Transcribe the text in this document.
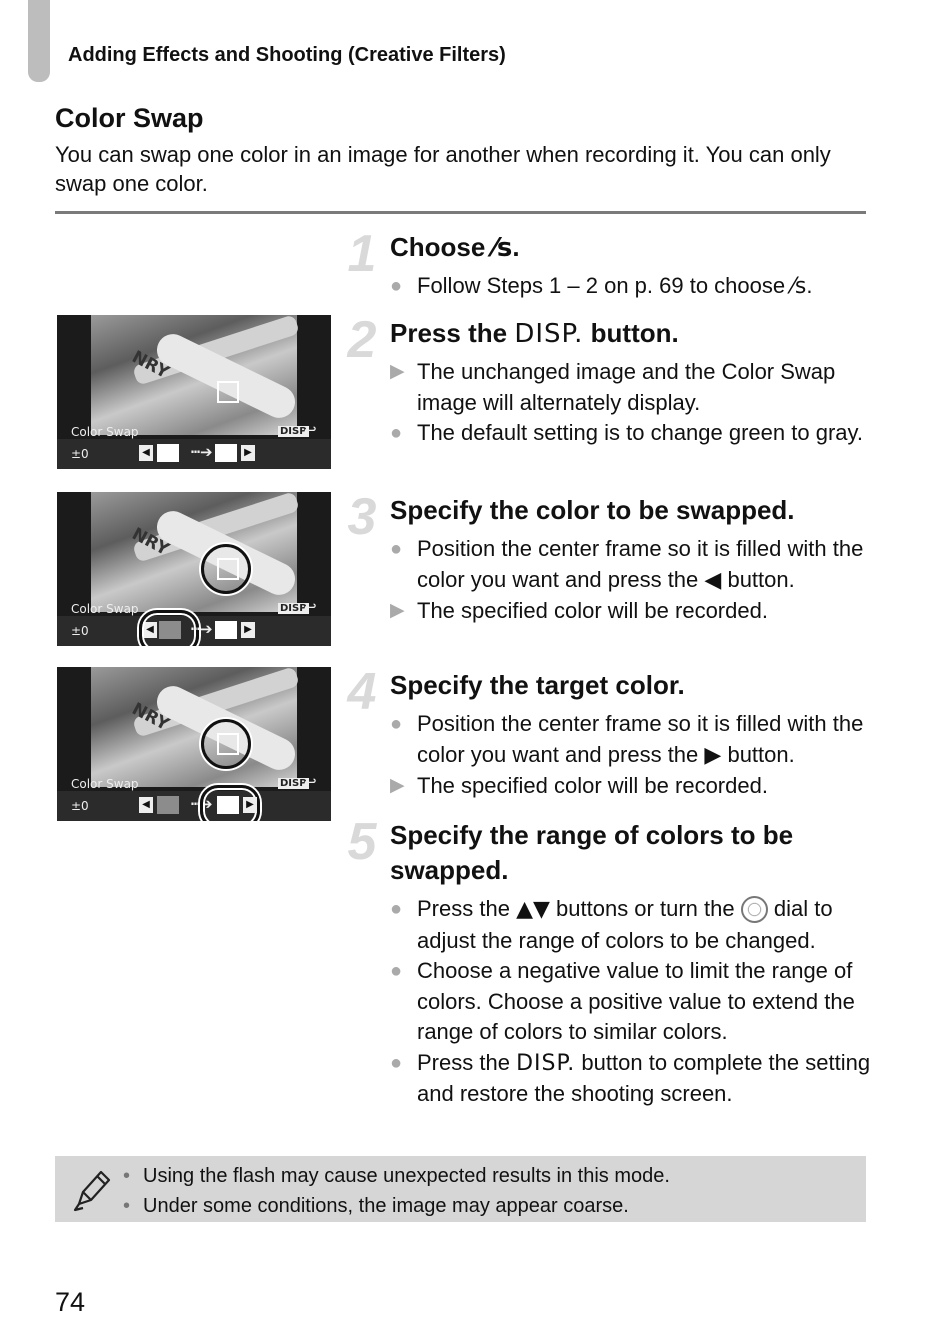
Adding Effects and Shooting (Creative Filters)
Color Swap
You can swap one color in an image for another when recording it. You can only swap one color.
1 Choose ⁄s.
● Follow Steps 1 – 2 on p. 69 to choose ⁄s.
2 Press the DISP. button.
▶ The unchanged image and the Color Swap image will alternately display.
● The default setting is to change green to gray.
3 Specify the color to be swapped.
● Position the center frame so it is filled with the color you want and press the ◀ button.
▶ The specified color will be recorded.
4 Specify the target color.
● Position the center frame so it is filled with the color you want and press the ▶ button.
▶ The specified color will be recorded.
5 Specify the range of colors to be swapped.
● Press the ▲▼ buttons or turn the dial to adjust the range of colors to be changed.
● Choose a negative value to limit the range of colors. Choose a positive value to extend the range of colors to similar colors.
● Press the DISP. button to complete the setting and restore the shooting screen.
NRY
Color Swap	DISP
↩
±0	◀	┅➔	▶
NRY
Color Swap	DISP
↩
±0	◀ ┅➔	▶
NRY
Color Swap	DISP
↩
±0	◀	┅➔	▶
• Using the flash may cause unexpected results in this mode.
• Under some conditions, the image may appear coarse.
74
